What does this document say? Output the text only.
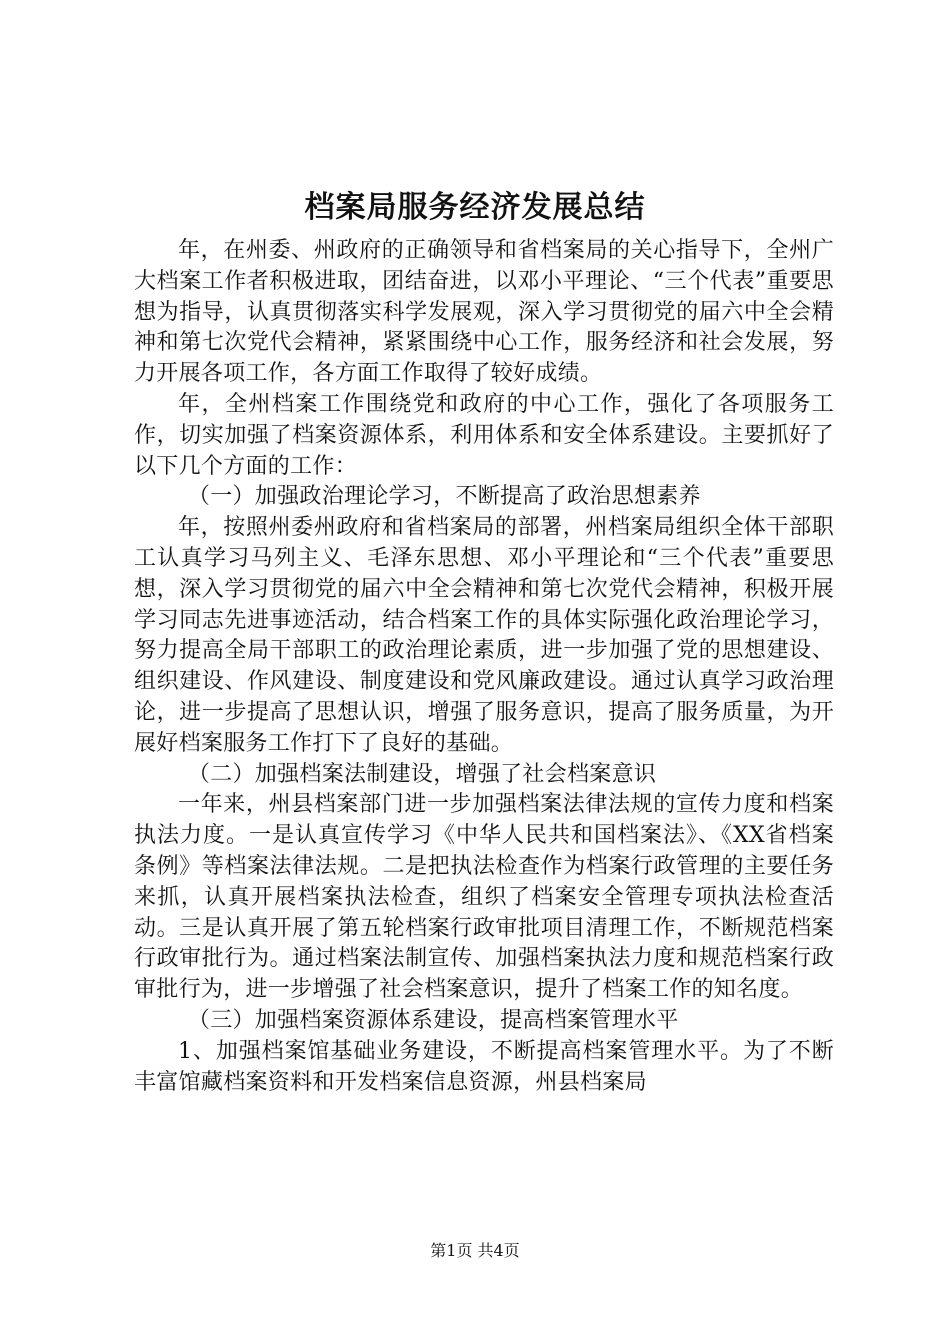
档案局服务经济发展总结

年，在州委、州政府的正确领导和省档案局的关心指导下，全州广大档案工作者积极进取，团结奋进，以邓小平理论、“三个代表”重要思想为指导，认真贯彻落实科学发展观，深入学习贯彻党的届六中全会精神和第七次党代会精神，紧紧围绕中心工作，服务经济和社会发展，努力开展各项工作，各方面工作取得了较好成绩。

年，全州档案工作围绕党和政府的中心工作，强化了各项服务工作，切实加强了档案资源体系，利用体系和安全体系建设。主要抓好了以下几个方面的工作：

（一）加强政治理论学习，不断提高了政治思想素养

年，按照州委州政府和省档案局的部署，州档案局组织全体干部职工认真学习马列主义、毛泽东思想、邓小平理论和“三个代表”重要思想，深入学习贯彻党的届六中全会精神和第七次党代会精神，积极开展学习同志先进事迹活动，结合档案工作的具体实际强化政治理论学习，努力提高全局干部职工的政治理论素质，进一步加强了党的思想建设、组织建设、作风建设、制度建设和党风廉政建设。通过认真学习政治理论，进一步提高了思想认识，增强了服务意识，提高了服务质量，为开展好档案服务工作打下了良好的基础。

（二）加强档案法制建设，增强了社会档案意识

一年来，州县档案部门进一步加强档案法律法规的宣传力度和档案执法力度。一是认真宣传学习《中华人民共和国档案法》、《XX省档案条例》等档案法律法规。二是把执法检查作为档案行政管理的主要任务来抓，认真开展档案执法检查，组织了档案安全管理专项执法检查活动。三是认真开展了第五轮档案行政审批项目清理工作，不断规范档案行政审批行为。通过档案法制宣传、加强档案执法力度和规范档案行政审批行为，进一步增强了社会档案意识，提升了档案工作的知名度。

（三）加强档案资源体系建设，提高档案管理水平

1、加强档案馆基础业务建设，不断提高档案管理水平。为了不断丰富馆藏档案资料和开发档案信息资源，州县档案局

第1页 共4页
